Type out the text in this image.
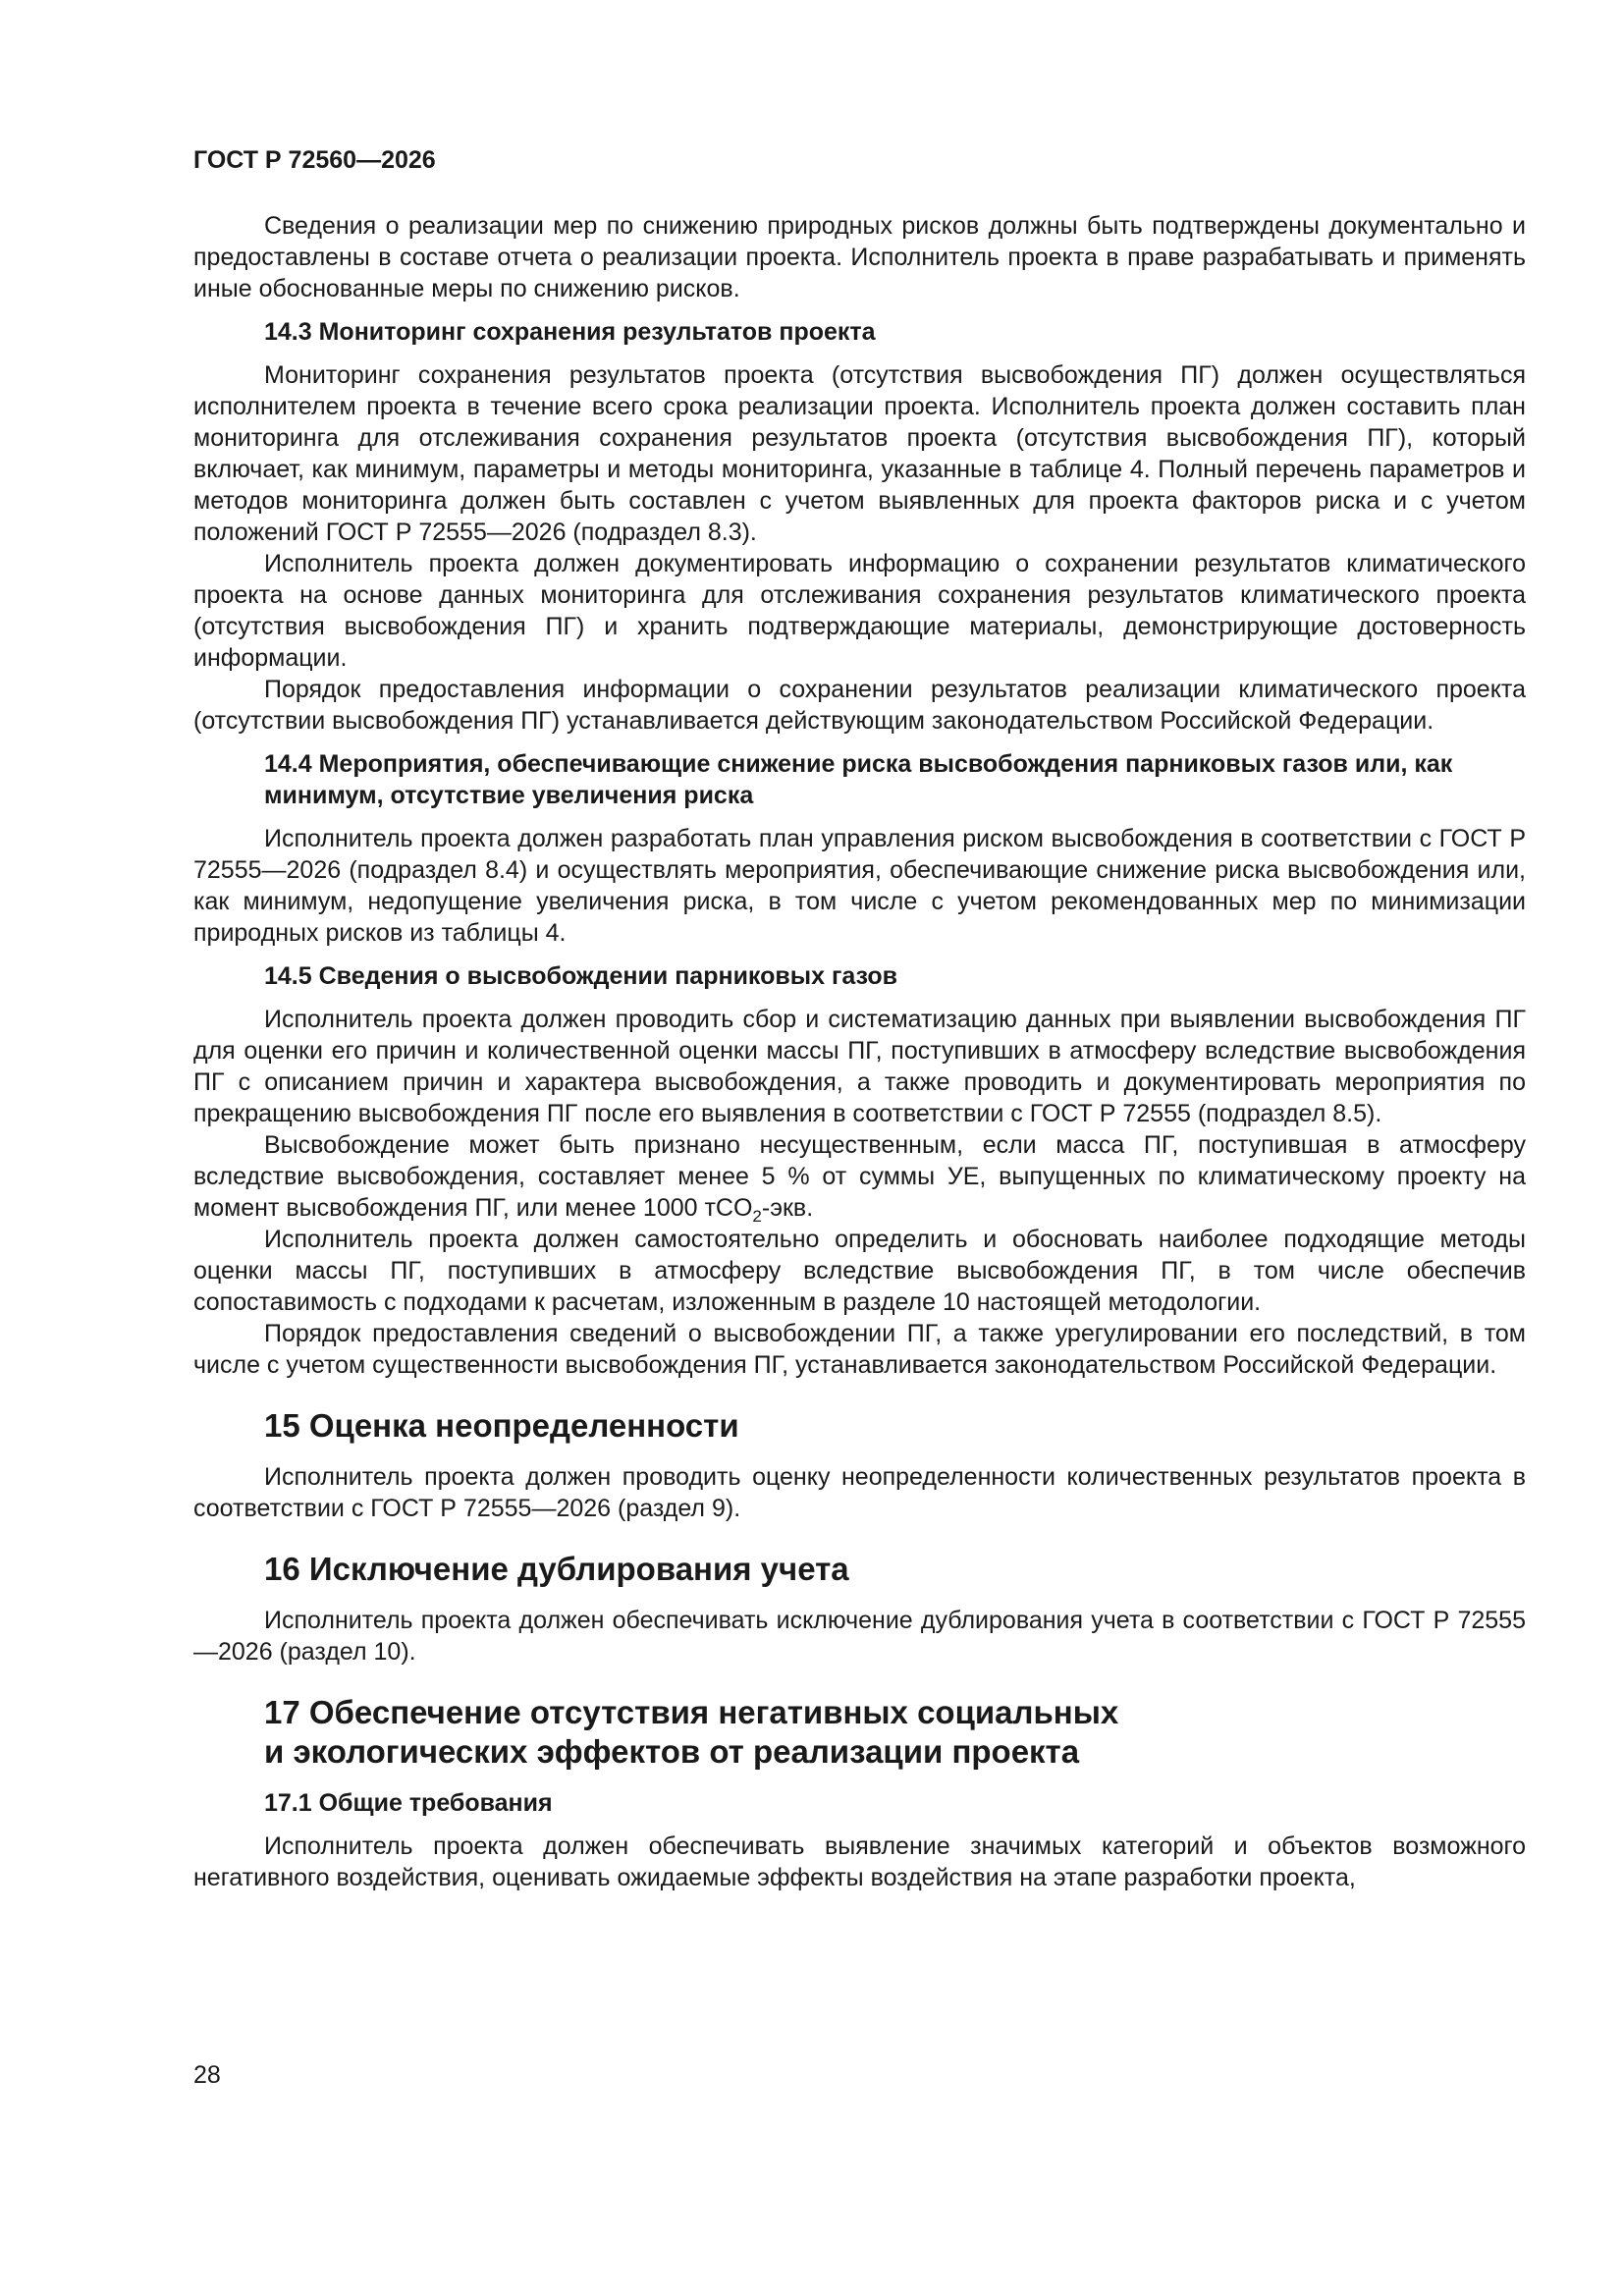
ГОСТ Р 72560—2026

Сведения о реализации мер по снижению природных рисков должны быть подтверждены документально и предоставлены в составе отчета о реализации проекта. Исполнитель проекта в праве разрабатывать и применять иные обоснованные меры по снижению рисков.

14.3 Мониторинг сохранения результатов проекта

Мониторинг сохранения результатов проекта (отсутствия высвобождения ПГ) должен осуществляться исполнителем проекта в течение всего срока реализации проекта. Исполнитель проекта должен составить план мониторинга для отслеживания сохранения результатов проекта (отсутствия высвобождения ПГ), который включает, как минимум, параметры и методы мониторинга, указанные в таблице 4. Полный перечень параметров и методов мониторинга должен быть составлен с учетом выявленных для проекта факторов риска и с учетом положений ГОСТ Р 72555—2026 (подраздел 8.3).

Исполнитель проекта должен документировать информацию о сохранении результатов климатического проекта на основе данных мониторинга для отслеживания сохранения результатов климатического проекта (отсутствия высвобождения ПГ) и хранить подтверждающие материалы, демонстрирующие достоверность информации.

Порядок предоставления информации о сохранении результатов реализации климатического проекта (отсутствии высвобождения ПГ) устанавливается действующим законодательством Российской Федерации.

14.4 Мероприятия, обеспечивающие снижение риска высвобождения парниковых газов или, как минимум, отсутствие увеличения риска

Исполнитель проекта должен разработать план управления риском высвобождения в соответствии с ГОСТ Р 72555—2026 (подраздел 8.4) и осуществлять мероприятия, обеспечивающие снижение риска высвобождения или, как минимум, недопущение увеличения риска, в том числе с учетом рекомендованных мер по минимизации природных рисков из таблицы 4.

14.5 Сведения о высвобождении парниковых газов

Исполнитель проекта должен проводить сбор и систематизацию данных при выявлении высвобождения ПГ для оценки его причин и количественной оценки массы ПГ, поступивших в атмосферу вследствие высвобождения ПГ с описанием причин и характера высвобождения, а также проводить и документировать мероприятия по прекращению высвобождения ПГ после его выявления в соответствии с ГОСТ Р 72555 (подраздел 8.5).

Высвобождение может быть признано несущественным, если масса ПГ, поступившая в атмосферу вследствие высвобождения, составляет менее 5 % от суммы УЕ, выпущенных по климатическому проекту на момент высвобождения ПГ, или менее 1000 тCO$_2$-экв.

Исполнитель проекта должен самостоятельно определить и обосновать наиболее подходящие методы оценки массы ПГ, поступивших в атмосферу вследствие высвобождения ПГ, в том числе обеспечив сопоставимость с подходами к расчетам, изложенным в разделе 10 настоящей методологии.

Порядок предоставления сведений о высвобождении ПГ, а также урегулировании его последствий, в том числе с учетом существенности высвобождения ПГ, устанавливается законодательством Российской Федерации.

15 Оценка неопределенности

Исполнитель проекта должен проводить оценку неопределенности количественных результатов проекта в соответствии с ГОСТ Р 72555—2026 (раздел 9).

16 Исключение дублирования учета

Исполнитель проекта должен обеспечивать исключение дублирования учета в соответствии с ГОСТ Р 72555—2026 (раздел 10).

17 Обеспечение отсутствия негативных социальных
и экологических эффектов от реализации проекта
17.1 Общие требования

Исполнитель проекта должен обеспечивать выявление значимых категорий и объектов возможного негативного воздействия, оценивать ожидаемые эффекты воздействия на этапе разработки проекта,

28
